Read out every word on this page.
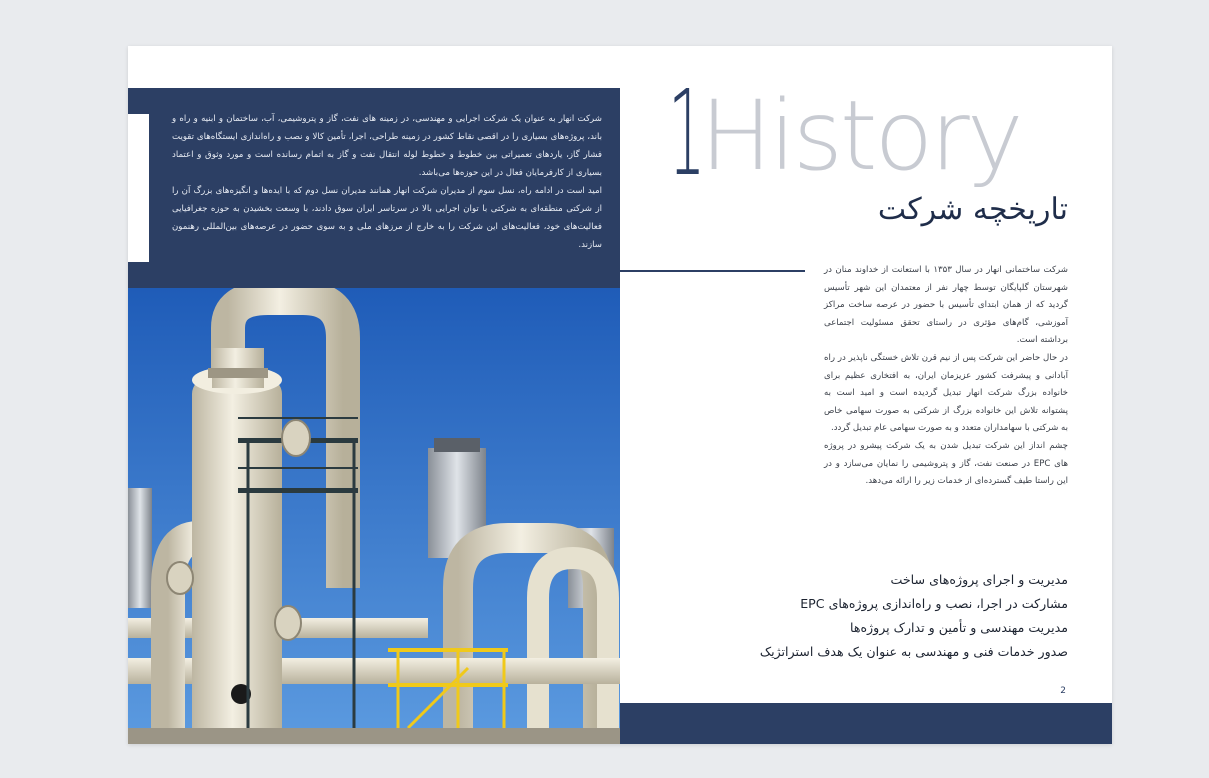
شرکت انهار به عنوان یک شرکت اجرایی و مهندسی، در زمینه های نفت، گاز و پتروشیمی، آب، ساختمان و ابنیه و راه و باند، پروژه‌های بسیاری را در اقصی نقاط کشور در زمینه طراحی، اجرا، تأمین کالا و نصب و راه‌اندازی ایستگاه‌های تقویت فشار گاز، یاردهای تعمیراتی بین خطوط و خطوط لوله انتقال نفت و گاز به اتمام رسانده است و مورد وثوق و اعتماد بسیاری از کارفرمایان فعال در این حوزه‌ها می‌باشد.

امید است در ادامه راه، نسل سوم از مدیران شرکت انهار همانند مدیران نسل دوم که با ایده‌ها و انگیزه‌های بزرگ آن را از شرکتی منطقه‌ای به شرکتی با توان اجرایی بالا در سرتاسر ایران سوق دادند، با وسعت بخشیدن به حوزه جغرافیایی فعالیت‌های خود، فعالیت‌های این شرکت را به خارج از مرزهای ملی و به سوی حضور در عرصه‌های بین‌المللی رهنمون سازند.

1
History
تاریخچه شرکت

شرکت ساختمانی انهار در سال ۱۳۵۳ با استعانت از خداوند منان در شهرستان گلپایگان توسط چهار نفر از معتمدان این شهر تأسیس گردید که از همان ابتدای تأسیس با حضور در عرصه ساخت مراکز آموزشی، گام‌های مؤثری در راستای تحقق مسئولیت اجتماعی برداشته است.

در حال حاضر این شرکت پس از نیم قرن تلاش خستگی ناپذیر در راه آبادانی و پیشرفت کشور عزیزمان ایران، به افتخاری عظیم برای خانواده بزرگ شرکت انهار تبدیل گردیده است و امید است به پشتوانه تلاش این خانواده بزرگ از شرکتی به صورت سهامی خاص به شرکتی با سهامداران متعدد و به صورت سهامی عام تبدیل گردد.

چشم انداز این شرکت تبدیل شدن به یک شرکت پیشرو در پروژه های EPC در صنعت نفت، گاز و پتروشیمی را نمایان می‌سازد و در این راستا طیف گسترده‌ای از خدمات زیر را ارائه می‌دهد.

مدیریت و اجرای پروژه‌های ساخت
مشارکت در اجرا، نصب و راه‌اندازی پروژه‌های EPC
مدیریت مهندسی و تأمین و تدارک پروژه‌ها
صدور خدمات فنی و مهندسی به عنوان یک هدف استراتژیک
2
